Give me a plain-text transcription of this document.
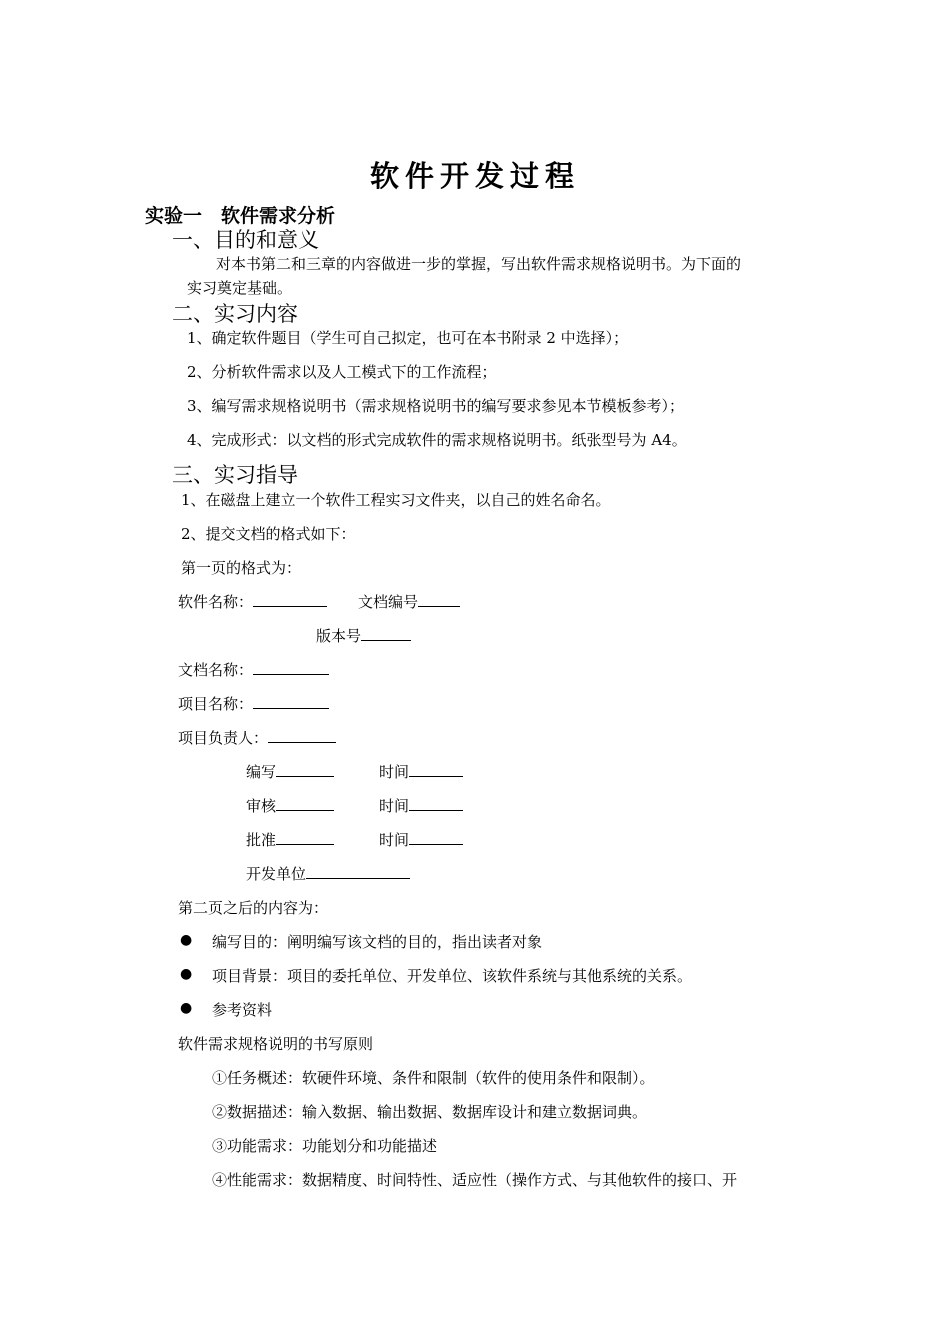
软件开发过程
实验一　软件需求分析
一、目的和意义
对本书第二和三章的内容做进一步的掌握，写出软件需求规格说明书。为下面的
实习奠定基础。
二、实习内容
1、确定软件题目（学生可自己拟定，也可在本书附录 2 中选择）；
2、分析软件需求以及人工模式下的工作流程；
3、编写需求规格说明书（需求规格说明书的编写要求参见本节模板参考）；
4、完成形式：以文档的形式完成软件的需求规格说明书。纸张型号为 A4。
三、实习指导
1、在磁盘上建立一个软件工程实习文件夹，以自己的姓名命名。
2、提交文档的格式如下：
第一页的格式为：
软件名称：	文档编号
版本号
文档名称：
项目名称：
项目负责人：
编写	时间
审核	时间
批准	时间
开发单位
第二页之后的内容为：
● 编写目的：阐明编写该文档的目的，指出读者对象
● 项目背景：项目的委托单位、开发单位、该软件系统与其他系统的关系。
● 参考资料
软件需求规格说明的书写原则
①任务概述：软硬件环境、条件和限制（软件的使用条件和限制）。
②数据描述：输入数据、输出数据、数据库设计和建立数据词典。
③功能需求：功能划分和功能描述
④性能需求：数据精度、时间特性、适应性（操作方式、与其他软件的接口、开
